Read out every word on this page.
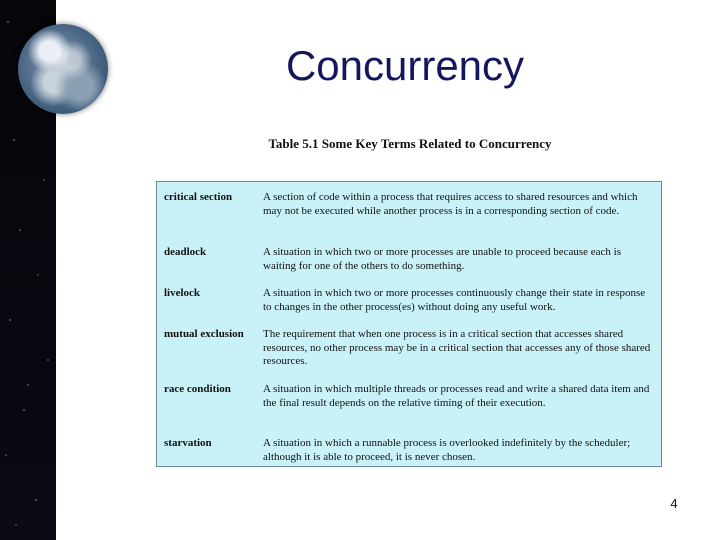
Concurrency
Table 5.1 Some Key Terms Related to Concurrency
critical section	A section of code within a process that requires access to shared resources and which may not be executed while another process is in a corresponding section of code.
deadlock	A situation in which two or more processes are unable to proceed because each is waiting for one of the others to do something.
livelock	A situation in which two or more processes continuously change their state in response to changes in the other process(es) without doing any useful work.
mutual exclusion	The requirement that when one process is in a critical section that accesses shared resources, no other process may be in a critical section that accesses any of those shared resources.
race condition	A situation in which multiple threads or processes read and write a shared data item and the final result depends on the relative timing of their execution.
starvation	A situation in which a runnable process is overlooked indefinitely by the scheduler; although it is able to proceed, it is never chosen.
4
